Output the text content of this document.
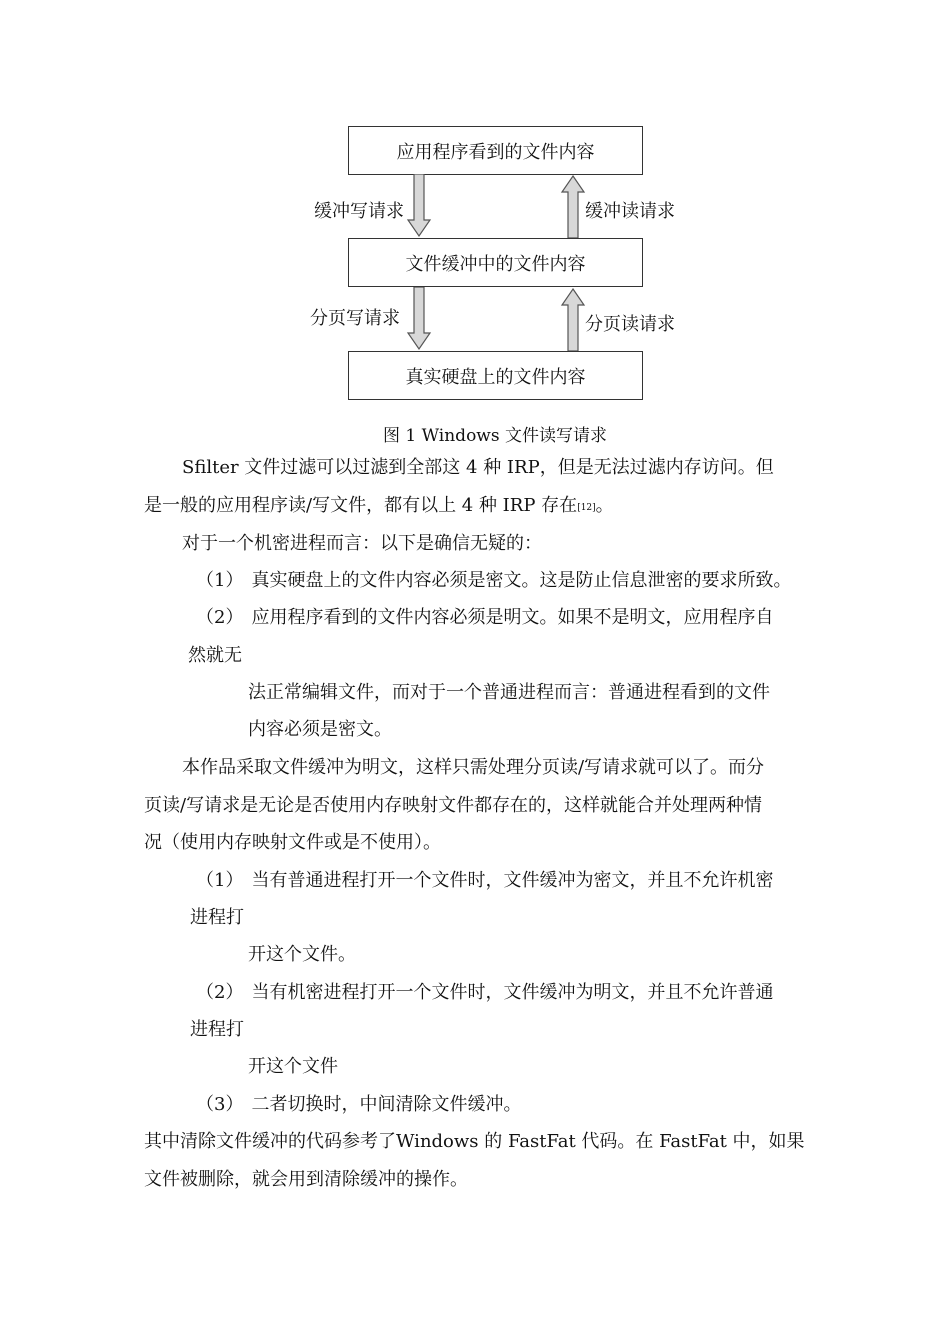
应用程序看到的文件内容
文件缓冲中的文件内容
真实硬盘上的文件内容
缓冲写请求	缓冲读请求
分页写请求	分页读请求
图 1 Windows 文件读写请求
Sfilter 文件过滤可以过滤到全部这 4 种 IRP，但是无法过滤内存访问。但
是一般的应用程序读/写文件，都有以上 4 种 IRP 存在[12]。
对于一个机密进程而言：以下是确信无疑的：
（1） 真实硬盘上的文件内容必须是密文。这是防止信息泄密的要求所致。
（2） 应用程序看到的文件内容必须是明文。如果不是明文，应用程序自
然就无
法正常编辑文件，而对于一个普通进程而言：普通进程看到的文件
内容必须是密文。
本作品采取文件缓冲为明文，这样只需处理分页读/写请求就可以了。而分
页读/写请求是无论是否使用内存映射文件都存在的，这样就能合并处理两种情
况（使用内存映射文件或是不使用）。
（1） 当有普通进程打开一个文件时，文件缓冲为密文，并且不允许机密
进程打
开这个文件。
（2） 当有机密进程打开一个文件时，文件缓冲为明文，并且不允许普通
进程打
开这个文件
（3） 二者切换时，中间清除文件缓冲。
其中清除文件缓冲的代码参考了Windows 的 FastFat 代码。在 FastFat 中，如果
文件被删除，就会用到清除缓冲的操作。
